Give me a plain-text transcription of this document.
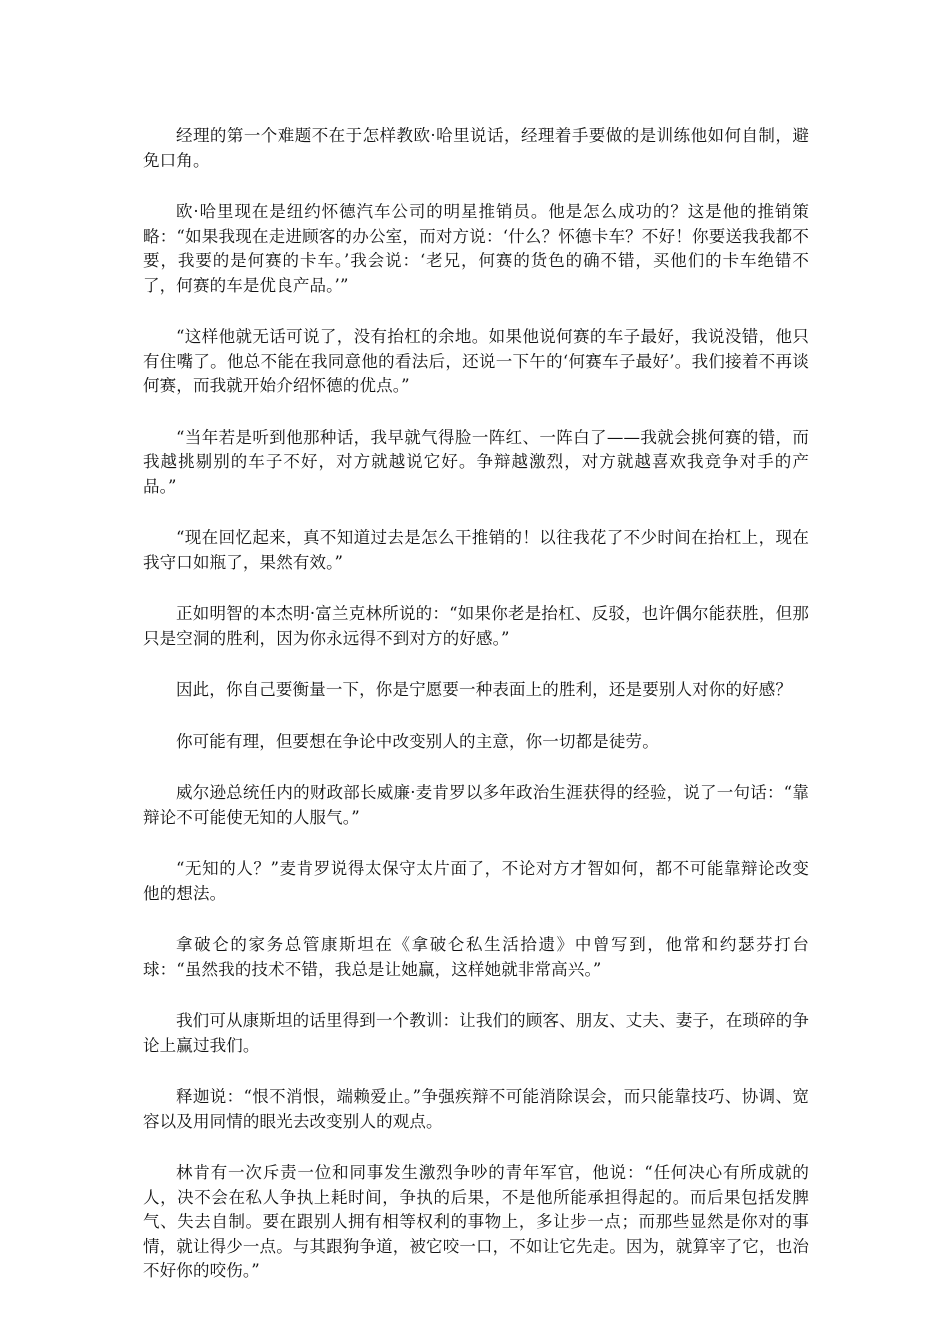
经理的第一个难题不在于怎样教欧·哈里说话，经理着手要做的是训练他如何自制，避免口角。

欧·哈里现在是纽约怀德汽车公司的明星推销员。他是怎么成功的？这是他的推销策略：“如果我现在走进顾客的办公室，而对方说：‘什么？怀德卡车？不好！你要送我我都不要，我要的是何赛的卡车。’我会说：‘老兄，何赛的货色的确不错，买他们的卡车绝错不了，何赛的车是优良产品。’”

“这样他就无话可说了，没有抬杠的余地。如果他说何赛的车子最好，我说没错，他只有住嘴了。他总不能在我同意他的看法后，还说一下午的‘何赛车子最好’。我们接着不再谈何赛，而我就开始介绍怀德的优点。”

“当年若是听到他那种话，我早就气得脸一阵红、一阵白了——我就会挑何赛的错，而我越挑剔别的车子不好，对方就越说它好。争辩越激烈，对方就越喜欢我竞争对手的产品。”

“现在回忆起来，真不知道过去是怎么干推销的！以往我花了不少时间在抬杠上，现在我守口如瓶了，果然有效。”

正如明智的本杰明·富兰克林所说的：“如果你老是抬杠、反驳，也许偶尔能获胜，但那只是空洞的胜利，因为你永远得不到对方的好感。”

因此，你自己要衡量一下，你是宁愿要一种表面上的胜利，还是要别人对你的好感？

你可能有理，但要想在争论中改变别人的主意，你一切都是徒劳。

威尔逊总统任内的财政部长威廉·麦肯罗以多年政治生涯获得的经验，说了一句话：“靠辩论不可能使无知的人服气。”

“无知的人？”麦肯罗说得太保守太片面了，不论对方才智如何，都不可能靠辩论改变他的想法。

拿破仑的家务总管康斯坦在《拿破仑私生活拾遗》中曾写到，他常和约瑟芬打台球：“虽然我的技术不错，我总是让她赢，这样她就非常高兴。”

我们可从康斯坦的话里得到一个教训：让我们的顾客、朋友、丈夫、妻子，在琐碎的争论上赢过我们。

释迦说：“恨不消恨，端赖爱止。”争强疾辩不可能消除误会，而只能靠技巧、协调、宽容以及用同情的眼光去改变别人的观点。

林肯有一次斥责一位和同事发生激烈争吵的青年军官，他说：“任何决心有所成就的人，决不会在私人争执上耗时间，争执的后果，不是他所能承担得起的。而后果包括发脾气、失去自制。要在跟别人拥有相等权利的事物上，多让步一点；而那些显然是你对的事情，就让得少一点。与其跟狗争道，被它咬一口，不如让它先走。因为，就算宰了它，也治不好你的咬伤。”
